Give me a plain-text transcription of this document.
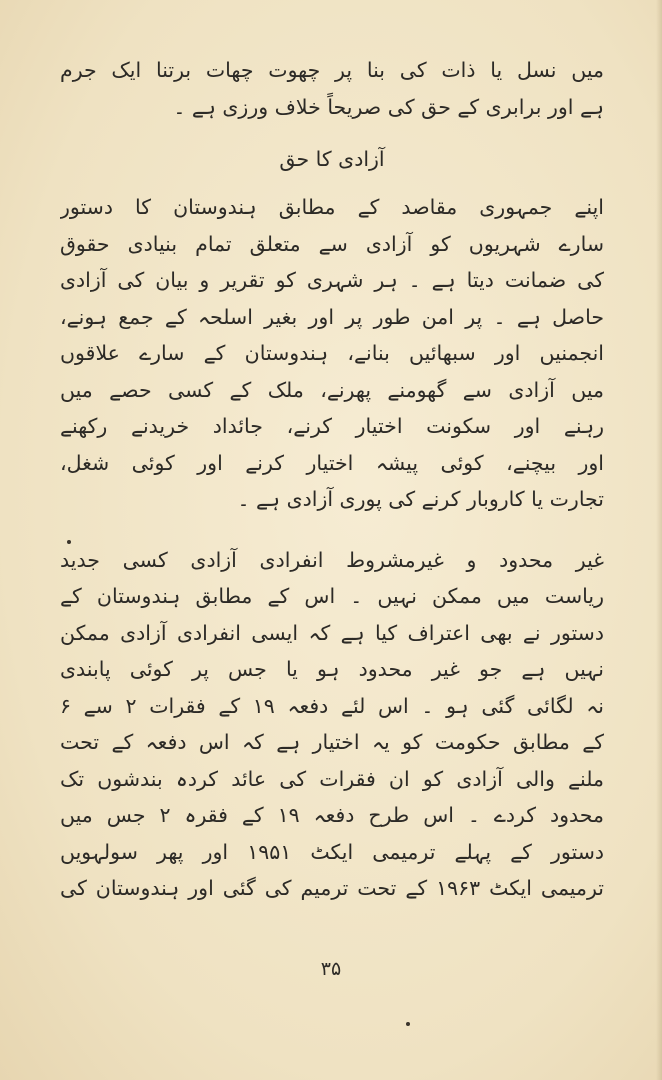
میں نسل یا ذات کی بنا پر چھوت چھات برتنا ایک جرم
ہے اور برابری کے حق کی صریحاً خلاف ورزی ہے ۔
آزادی کا حق
اپنے جمہوری مقاصد کے مطابق ہندوستان کا دستور
سارے شہریوں کو آزادی سے متعلق تمام بنیادی حقوق
کی ضمانت دیتا ہے ۔ ہر شہری کو تقریر و بیان کی آزادی
حاصل ہے ۔ پر امن طور پر اور بغیر اسلحہ کے جمع ہونے،
انجمنیں اور سبھائیں بنانے، ہندوستان کے سارے علاقوں
میں آزادی سے گھومنے پھرنے، ملک کے کسی حصے میں
رہنے اور سکونت اختیار کرنے، جائداد خریدنے رکھنے
اور بیچنے، کوئی پیشہ اختیار کرنے اور کوئی شغل،
تجارت یا کاروبار کرنے کی پوری آزادی ہے ۔
غیر محدود و غیرمشروط انفرادی آزادی کسی جدید
ریاست میں ممکن نہیں ۔ اس کے مطابق ہندوستان کے
دستور نے بھی اعتراف کیا ہے کہ ایسی انفرادی آزادی ممکن
نہیں ہے جو غیر محدود ہو یا جس پر کوئی پابندی
نہ لگائی گئی ہو ۔ اس لئے دفعہ ۱۹ کے فقرات ۲ سے ۶
کے مطابق حکومت کو یہ اختیار ہے کہ اس دفعہ کے تحت
ملنے والی آزادی کو ان فقرات کی عائد کردہ بندشوں تک
محدود کردے ۔ اس طرح دفعہ ۱۹ کے فقرہ ۲ جس میں
دستور کے پہلے ترمیمی ایکٹ ۱۹۵۱ اور پھر سولہویں
ترمیمی ایکٹ ۱۹۶۳ کے تحت ترمیم کی گئی اور ہندوستان کی
۳۵
